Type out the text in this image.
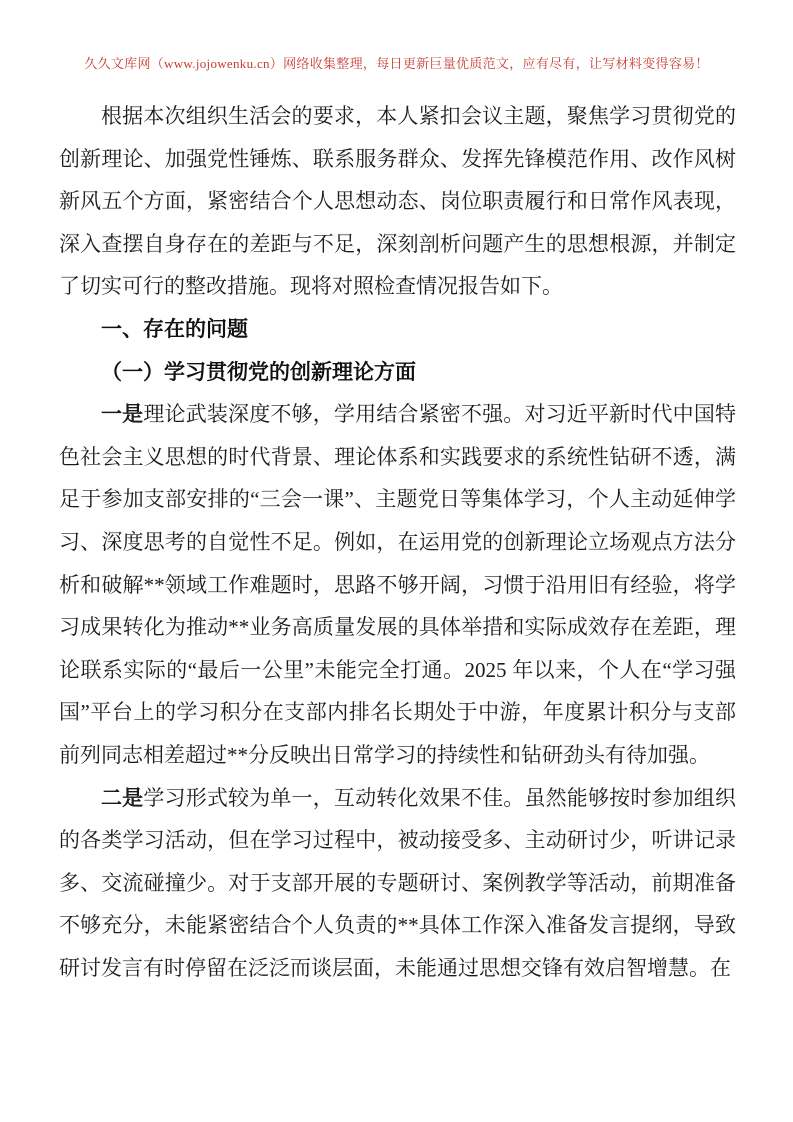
久久文库网（www.jojowenku.cn）网络收集整理，每日更新巨量优质范文，应有尽有，让写材料变得容易！

根据本次组织生活会的要求，本人紧扣会议主题，聚焦学习贯彻党的创新理论、加强党性锤炼、联系服务群众、发挥先锋模范作用、改作风树新风五个方面，紧密结合个人思想动态、岗位职责履行和日常作风表现，深入查摆自身存在的差距与不足，深刻剖析问题产生的思想根源，并制定了切实可行的整改措施。现将对照检查情况报告如下。

一、存在的问题
（一）学习贯彻党的创新理论方面

一是理论武装深度不够，学用结合紧密不强。对习近平新时代中国特色社会主义思想的时代背景、理论体系和实践要求的系统性钻研不透，满足于参加支部安排的“三会一课”、主题党日等集体学习，个人主动延伸学习、深度思考的自觉性不足。例如，在运用党的创新理论立场观点方法分析和破解**领域工作难题时，思路不够开阔，习惯于沿用旧有经验，将学习成果转化为推动**业务高质量发展的具体举措和实际成效存在差距，理论联系实际的“最后一公里”未能完全打通。2025 年以来，个人在“学习强国”平台上的学习积分在支部内排名长期处于中游，年度累计积分与支部前列同志相差超过**分反映出日常学习的持续性和钻研劲头有待加强。

二是学习形式较为单一，互动转化效果不佳。虽然能够按时参加组织的各类学习活动，但在学习过程中，被动接受多、主动研讨少，听讲记录多、交流碰撞少。对于支部开展的专题研讨、案例教学等活动，前期准备不够充分，未能紧密结合个人负责的**具体工作深入准备发言提纲，导致研讨发言有时停留在泛泛而谈层面，未能通过思想交锋有效启智增慧。在
